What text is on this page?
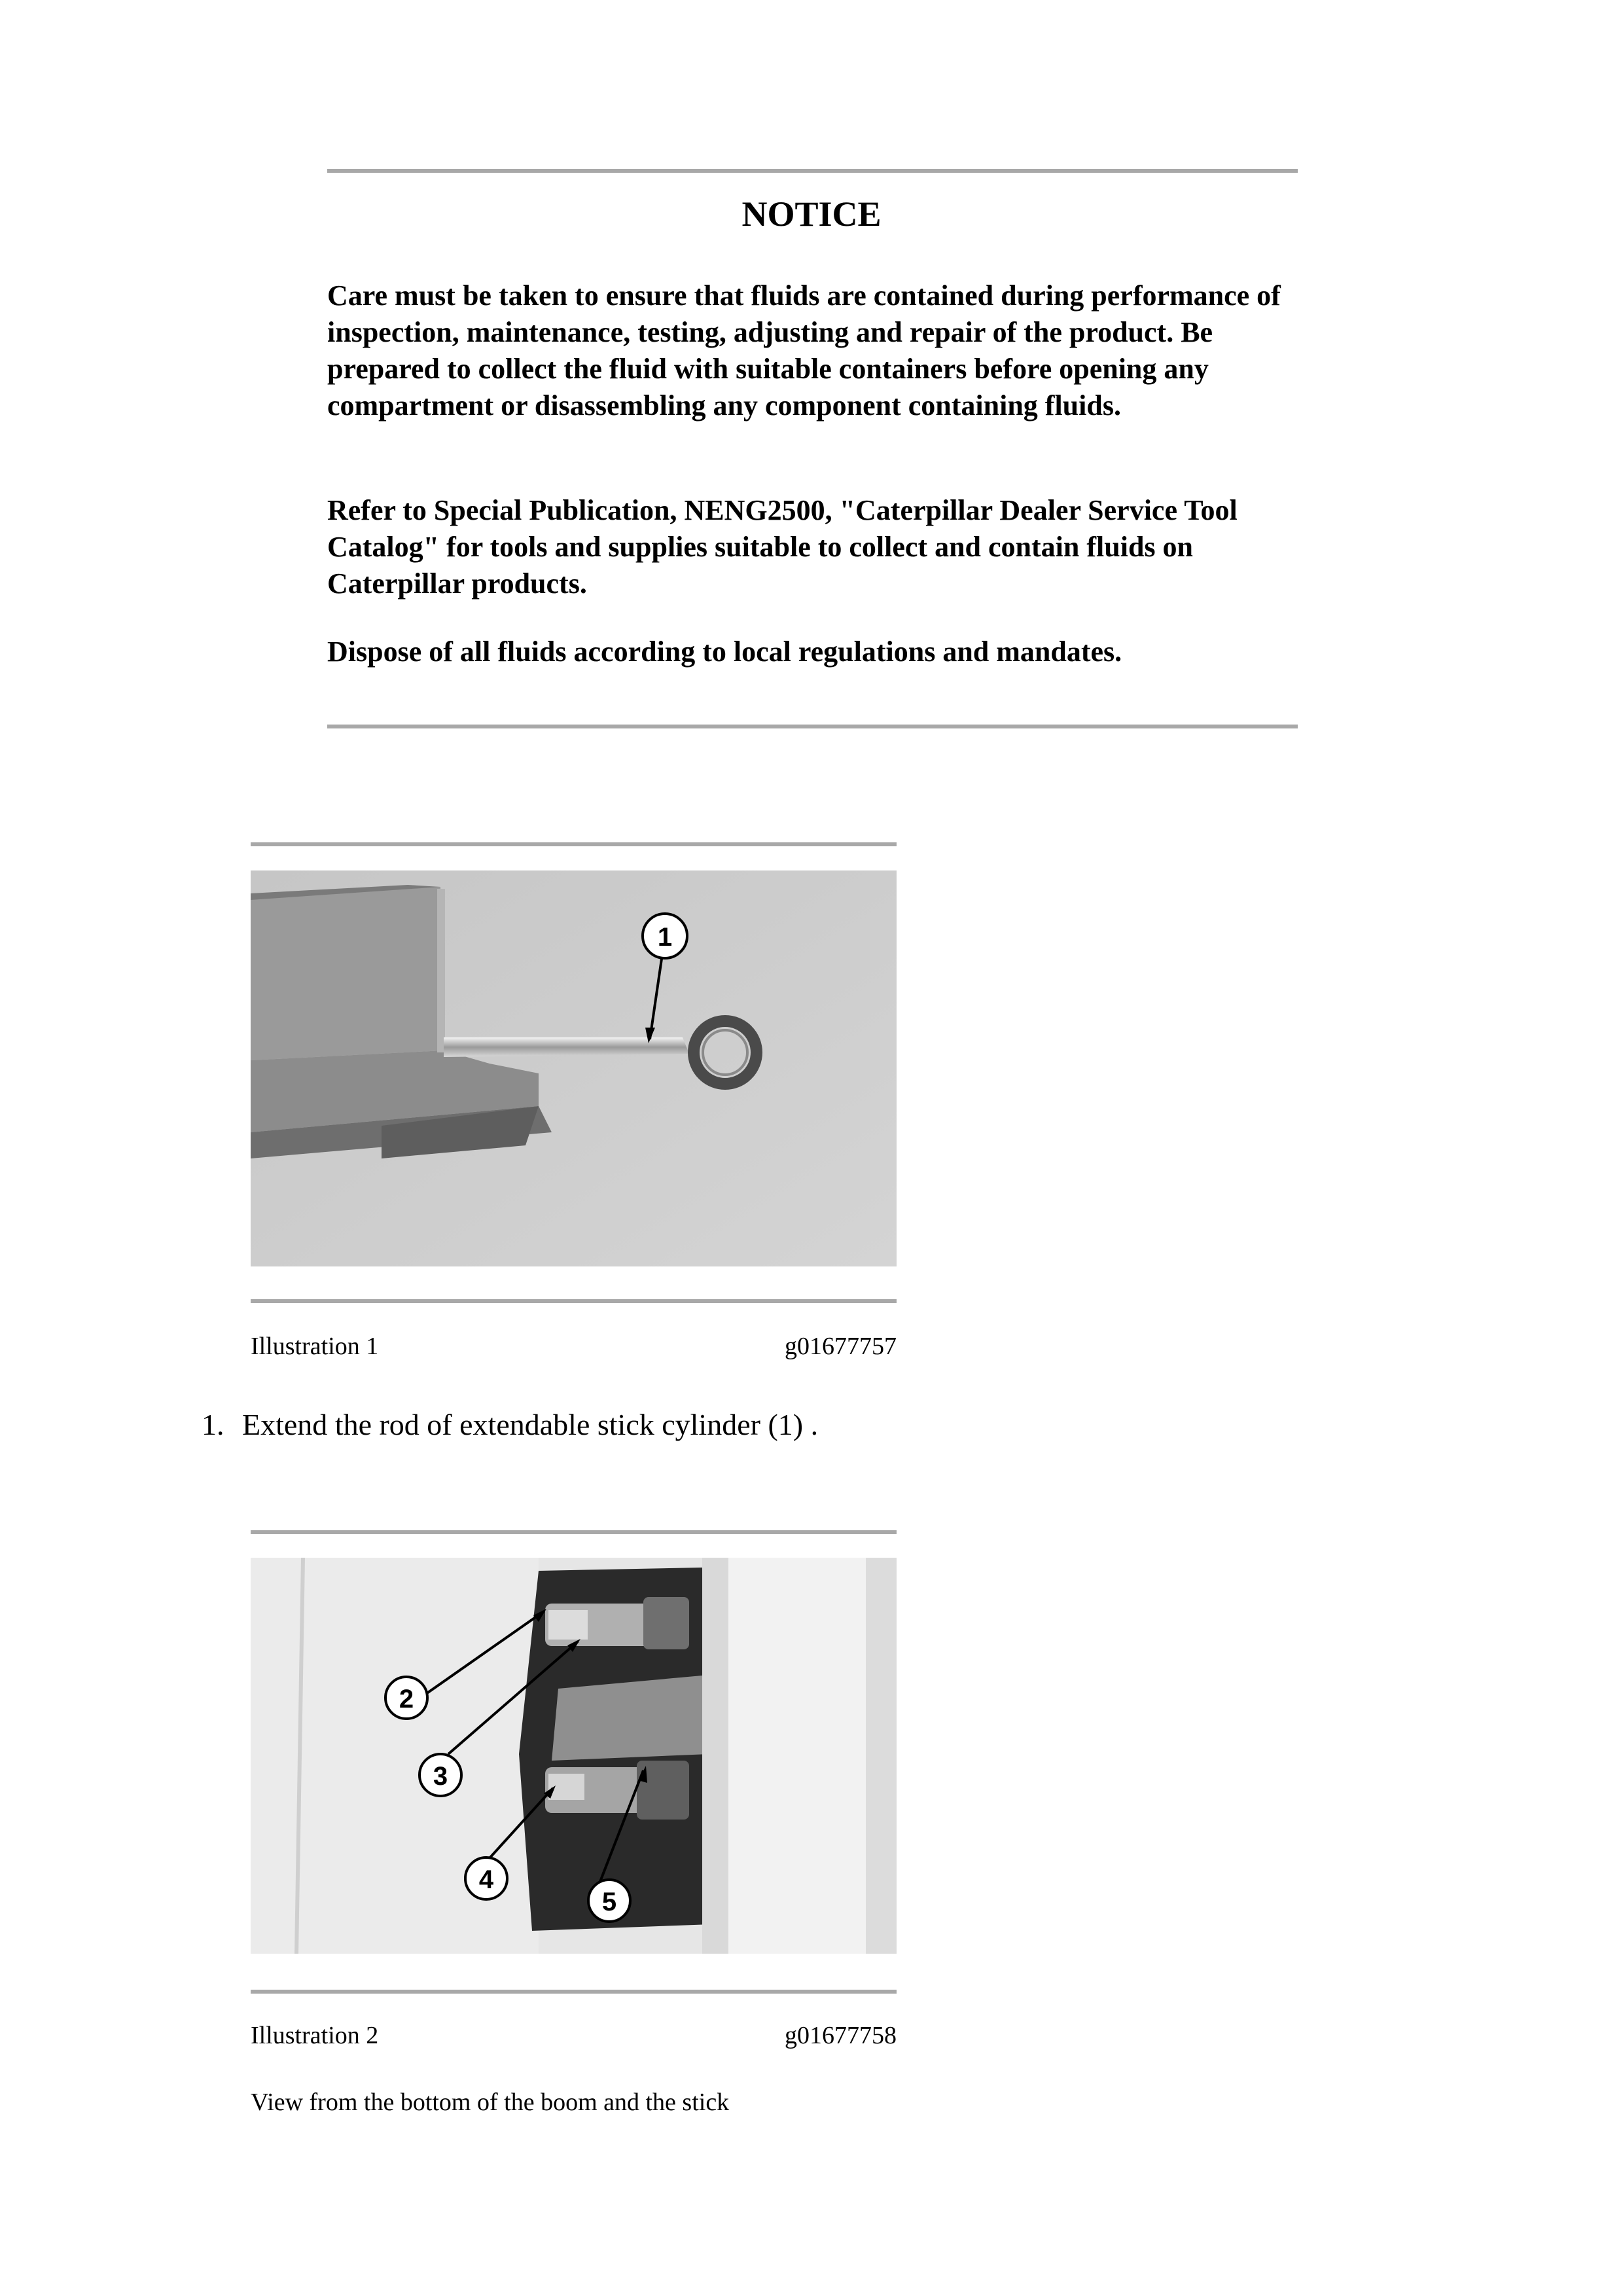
NOTICE

Care must be taken to ensure that fluids are contained during performance of inspection, maintenance, testing, adjusting and repair of the product. Be prepared to collect the fluid with suitable containers before opening any compartment or disassembling any component containing fluids.

Refer to Special Publication, NENG2500, "Caterpillar Dealer Service Tool Catalog" for tools and supplies suitable to collect and contain fluids on Caterpillar products.

Dispose of all fluids according to local regulations and mandates.

1
Illustration 1	g01677757
1. Extend the rod of extendable stick cylinder (1) .
2
3
4
5
Illustration 2	g01677758
View from the bottom of the boom and the stick
